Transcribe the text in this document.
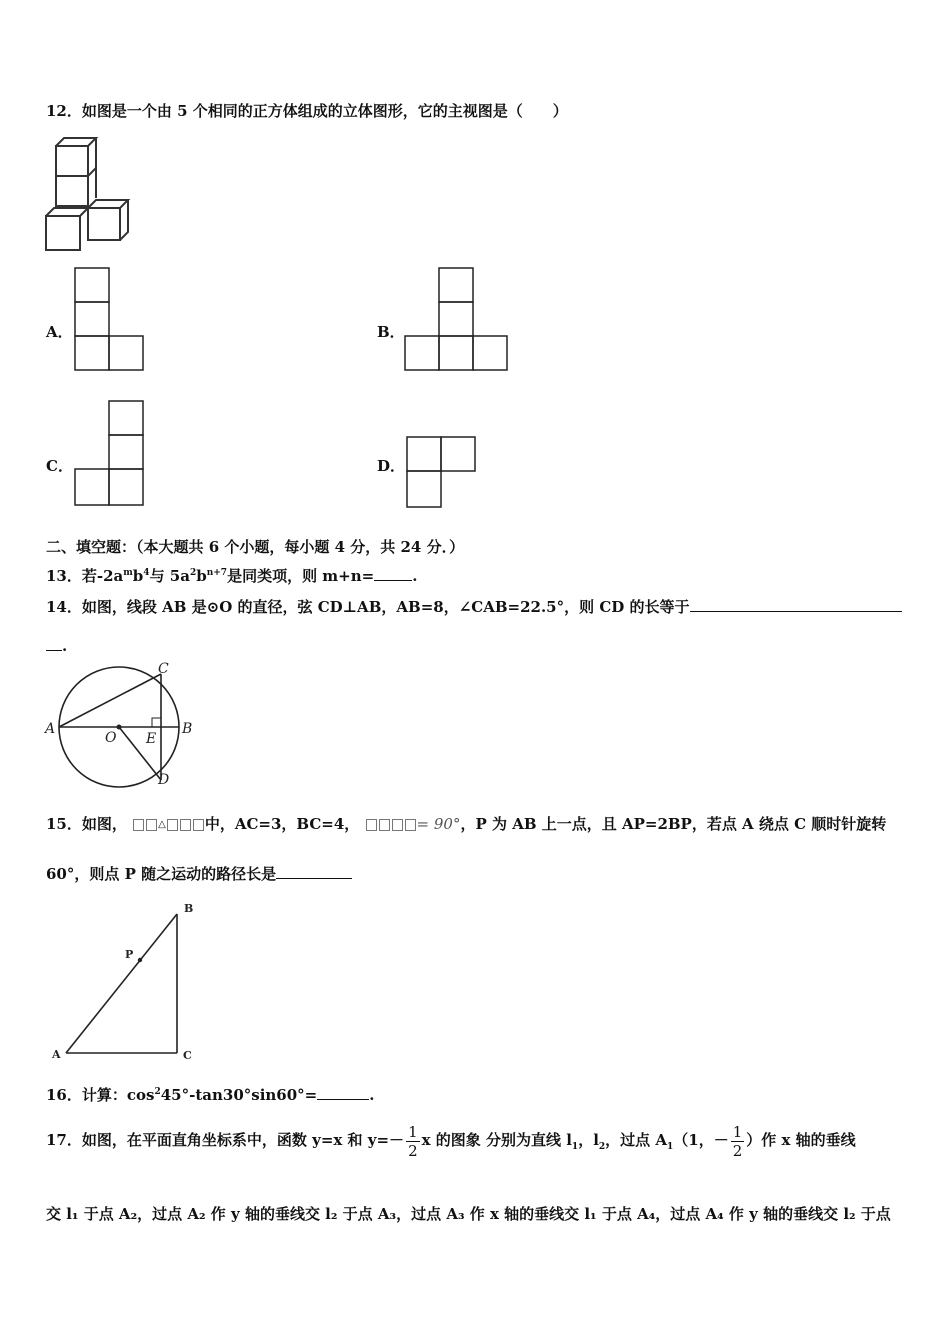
12．如图是一个由 5 个相同的正方体组成的立体图形，它的主视图是（　　）
A．	B．
C．	D．
二、填空题：（本大题共 6 个小题，每小题 4 分，共 24 分．）
13．若$-2a^mb^4$与 $5a^2b^{n+7}$是同类项，则 m+n=	.
14．如图，线段 AB 是⊙O 的直径，弦 CD⊥AB，AB=8，∠CAB=22.5°，则 CD 的长等于
.
A	B
C
D
O E
15．如图，	△	中，AC=3，BC=4，	= 90°，P 为 AB 上一点，且 AP=2BP，若点 A 绕点 C 顺时针旋转
60°，则点 P 随之运动的路径长是
A
B
C
P
16．计算：$\cos^245^\circ-\tan 30^\circ\sin 60^\circ=$	.
17．如图，在平面直角坐标系中，函数 y=x 和 $y=- \frac{1}{2}$ x 的图象 分别为直线 $l_1$，$l_2$，过点 $A_1(1$，－ $\frac{1}{2}$ ）作 x 轴的垂线
交 l₁ 于点 A₂，过点 A₂ 作 y 轴的垂线交 l₂ 于点 A₃，过点 A₃ 作 x 轴的垂线交 l₁ 于点 A₄，过点 A₄ 作 y 轴的垂线交 l₂ 于点
